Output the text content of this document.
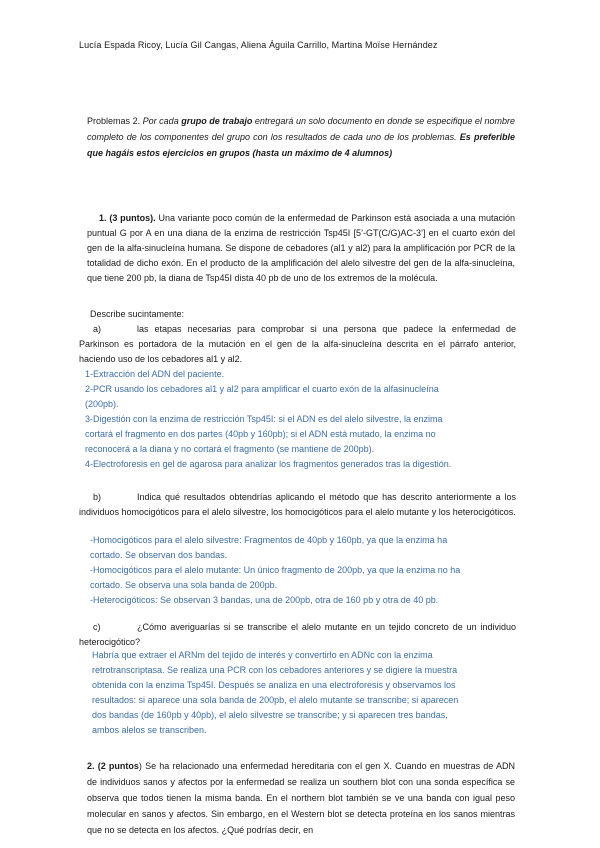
Lucía Espada Ricoy, Lucía Gil Cangas, Aliena Águila Carrillo, Martina Moïse Hernández
Problemas 2. Por cada grupo de trabajo entregará un solo documento en donde se especifique el nombre completo de los componentes del grupo con los resultados de cada uno de los problemas. Es preferible que hagáis estos ejercicios en grupos (hasta un máximo de 4 alumnos)
1. (3 puntos). Una variante poco común de la enfermedad de Parkinson está asociada a una mutación puntual G por A en una diana de la enzima de restricción Tsp45I [5’-GT(C/G)AC-3’] en el cuarto exón del gen de la alfa-sinucleína humana. Se dispone de cebadores (al1 y al2) para la amplificación por PCR de la totalidad de dicho exón. En el producto de la amplificación del alelo silvestre del gen de la alfa-sinucleína, que tiene 200 pb, la diana de Tsp45I dista 40 pb de uno de los extremos de la molécula.
Describe sucintamente:
a)	las etapas necesarias para comprobar si una persona que padece la enfermedad de Parkinson es portadora de la mutación en el gen de la alfa-sinucleína descrita en el párrafo anterior, haciendo uso de los cebadores al1 y al2.
1-Extracción del ADN del paciente.
2-PCR usando los cebadores al1 y al2 para amplificar el cuarto exón de la alfasinucleína
(200pb).
3-Digestión con la enzima de restricción Tsp45I: si el ADN es del alelo silvestre, la enzima
cortará el fragmento en dos partes (40pb y 160pb); si el ADN está mutado, la enzima no
reconocerá a la diana y no cortará el fragmento (se mantiene de 200pb).
4-Electroforesis en gel de agarosa para analizar los fragmentos generados tras la digestión.
b)	Indica qué resultados obtendrías aplicando el método que has descrito anteriormente a los individuos homocigóticos para el alelo silvestre, los homocigóticos para el alelo mutante y los heterocigóticos.
-Homocigóticos para el alelo silvestre: Fragmentos de 40pb y 160pb, ya que la enzima ha
cortado. Se observan dos bandas.
-Homocigóticos para el alelo mutante: Un único fragmento de 200pb, ya que la enzima no ha
cortado. Se observa una sola banda de 200pb.
-Heterocigóticos: Se observan 3 bandas, una de 200pb, otra de 160 pb y otra de 40 pb.
c)	¿Cómo averiguarías si se transcribe el alelo mutante en un tejido concreto de un individuo heterocigótico?
Habría que extraer el ARNm del tejido de interés y convertirlo en ADNc con la enzima
retrotranscriptasa. Se realiza una PCR con los cebadores anteriores y se digiere la muestra
obtenida con la enzima Tsp45I. Después se analiza en una electroforesis y observamos los
resultados: si aparece una sola banda de 200pb, el alelo mutante se transcribe; si aparecen
dos bandas (de 160pb y 40pb), el alelo silvestre se transcribe; y si aparecen tres bandas,
ambos alelos se transcriben.
2. (2 puntos) Se ha relacionado una enfermedad hereditaria con el gen X. Cuando en muestras de ADN de individuos sanos y afectos por la enfermedad se realiza un southern blot con una sonda específica se observa que todos tienen la misma banda. En el northern blot también se ve una banda con igual peso molecular en sanos y afectos. Sin embargo, en el Western blot se detecta proteína en los sanos mientras que no se detecta en los afectos. ¿Qué podrías decir, en
